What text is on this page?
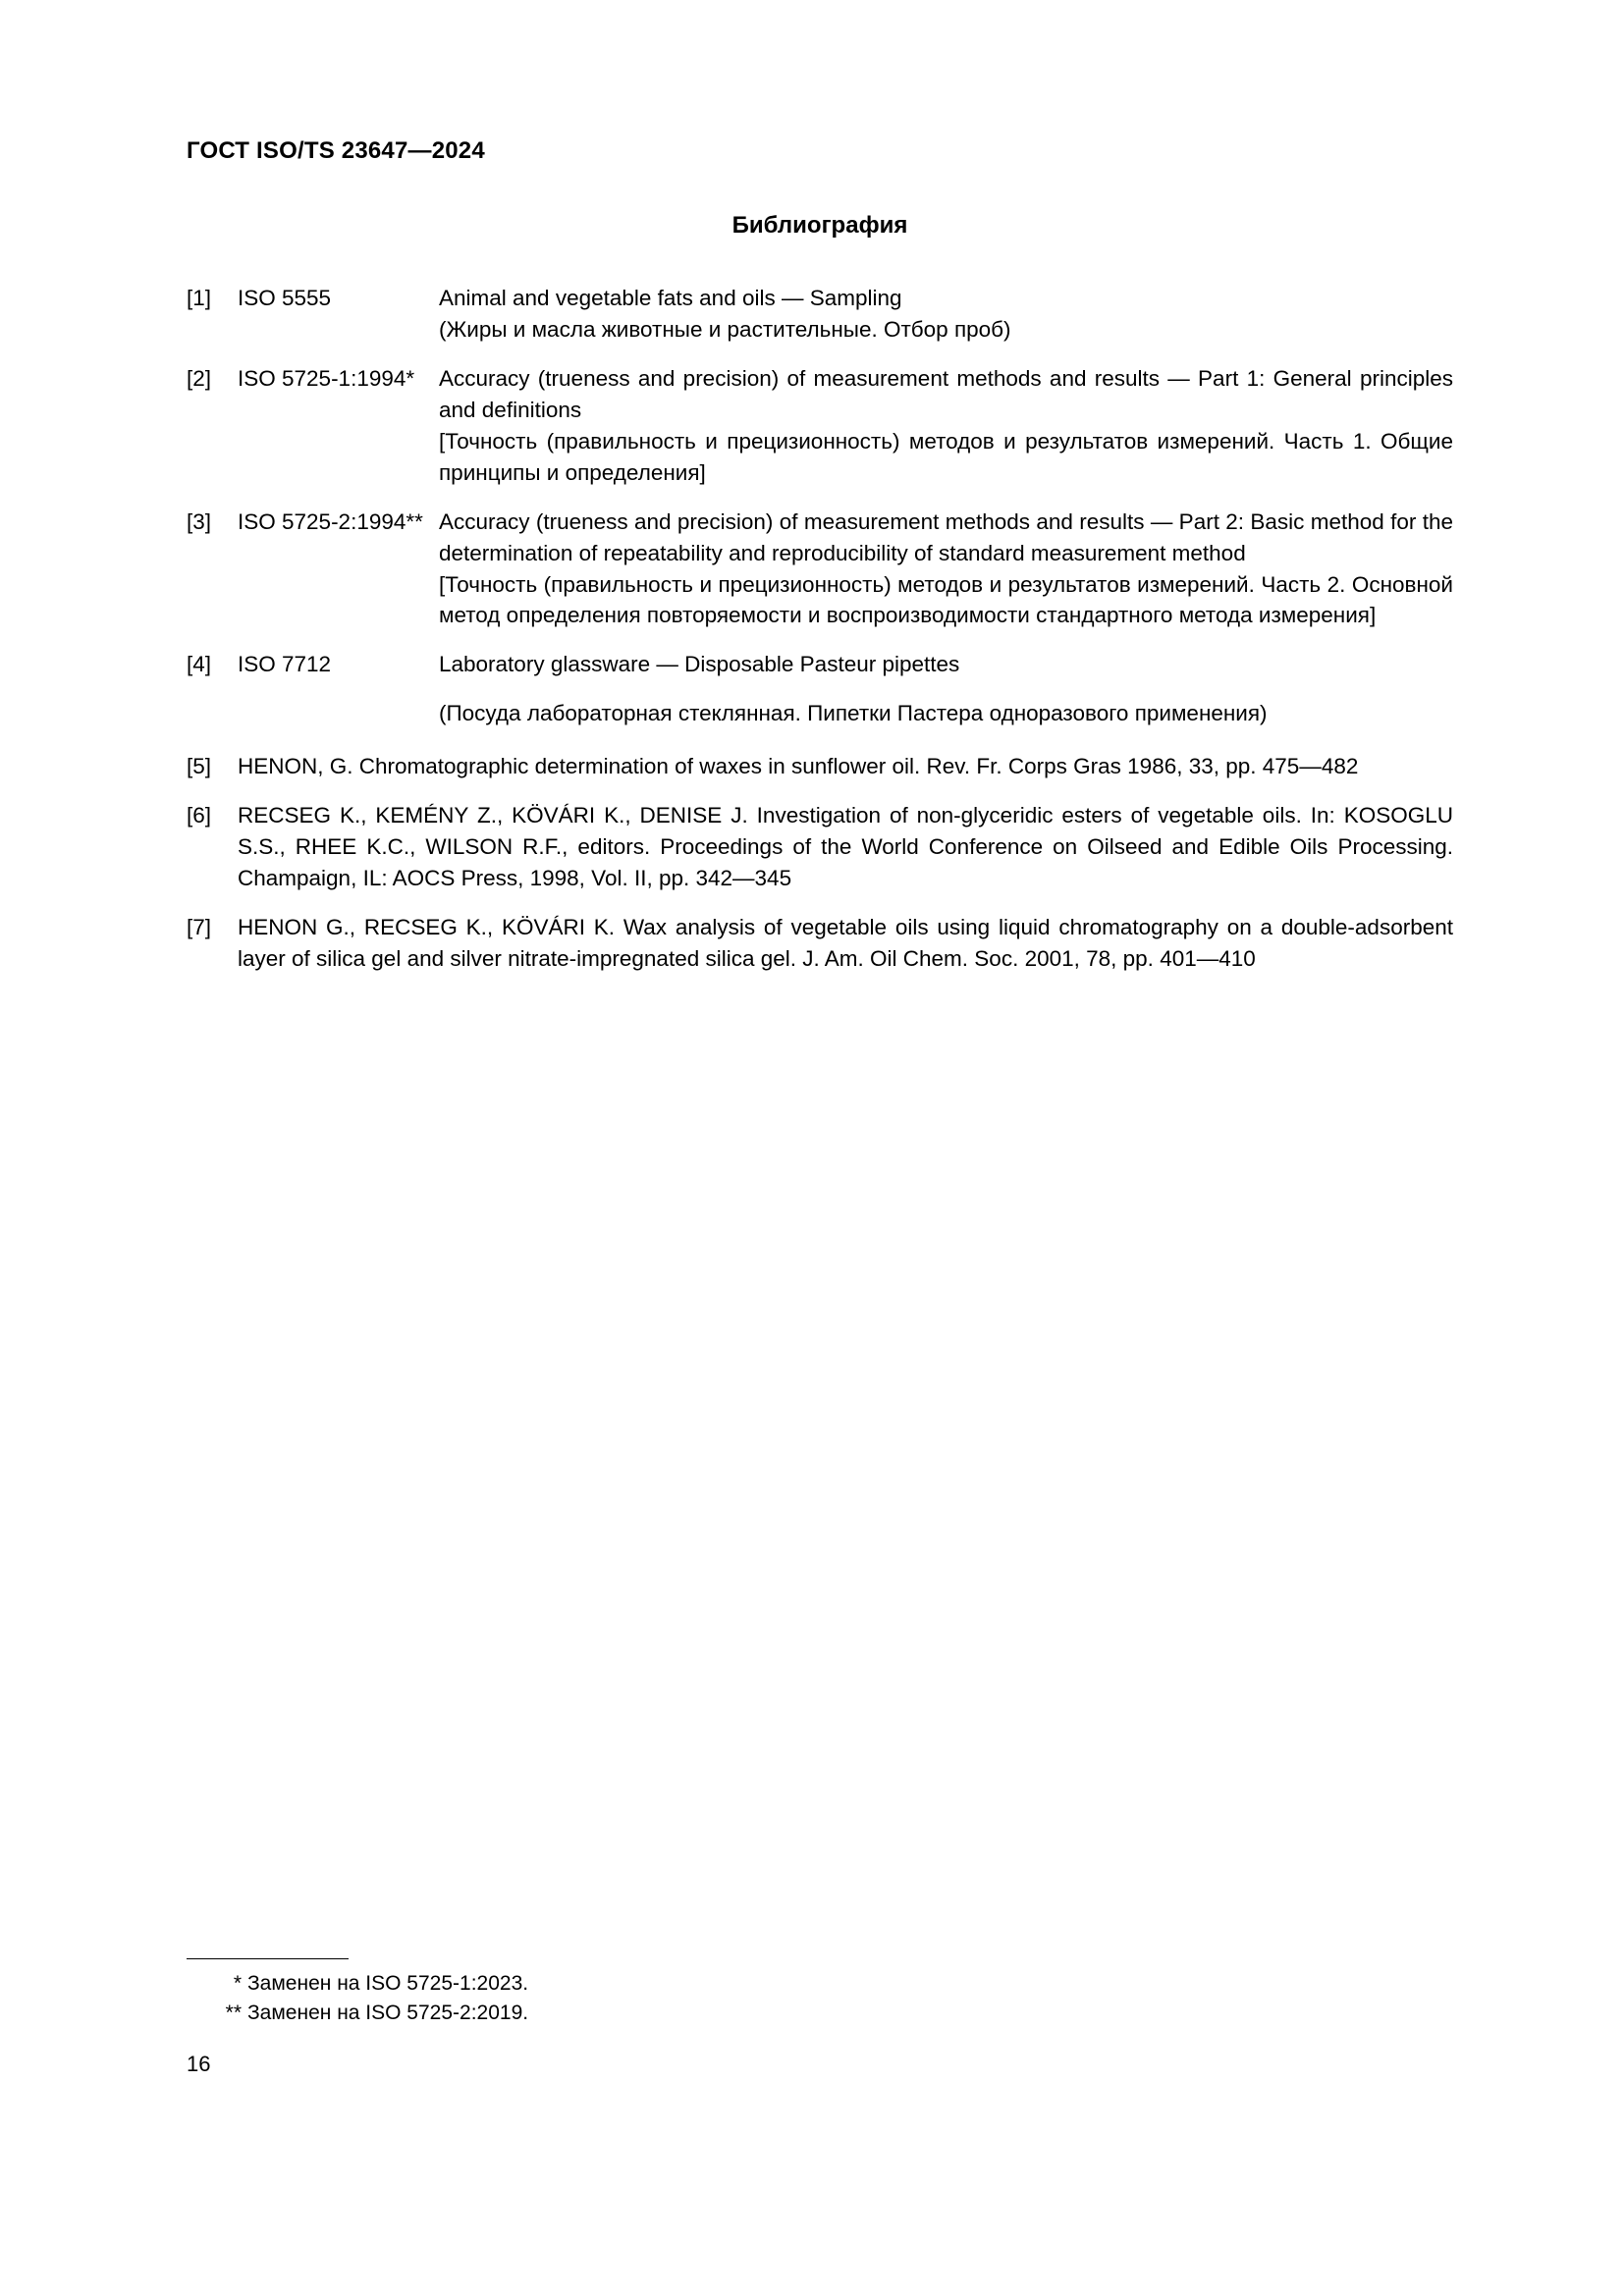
ГОСТ ISO/TS 23647—2024
Библиография
[1]	ISO 5555	Animal and vegetable fats and oils — Sampling
(Жиры и масла животные и растительные. Отбор проб)
[2]	ISO 5725-1:1994*	Accuracy (trueness and precision) of measurement methods and results — Part 1: General principles and definitions
[Точность (правильность и прецизионность) методов и результатов измерений. Часть 1. Общие принципы и определения]
[3]	ISO 5725-2:1994** Accuracy (trueness and precision) of measurement methods and results — Part 2: Basic method for the determination of repeatability and reproducibility of standard measurement method
[Точность (правильность и прецизионность) методов и результатов измерений. Часть 2. Основной метод определения повторяемости и воспроизводимости стандартного метода измерения]
[4]	ISO 7712	Laboratory glassware — Disposable Pasteur pipettes
(Посуда лабораторная стеклянная. Пипетки Пастера одноразового применения)
[5]	HENON, G. Chromatographic determination of waxes in sunflower oil. Rev. Fr. Corps Gras 1986, 33, pp. 475—482
[6]	RECSEG K., KEMÉNY Z., KÖVÁRI K., DENISE J. Investigation of non-glyceridic esters of vegetable oils. In: KOSOGLU S.S., RHEE K.C., WILSON R.F., editors. Proceedings of the World Conference on Oilseed and Edible Oils Processing. Champaign, IL: AOCS Press, 1998, Vol. II, pp. 342—345
[7]	HENON G., RECSEG K., KÖVÁRI K. Wax analysis of vegetable oils using liquid chromatography on a double-adsorbent layer of silica gel and silver nitrate-impregnated silica gel. J. Am. Oil Chem. Soc. 2001, 78, pp. 401—410
* Заменен на ISO 5725-1:2023.
** Заменен на ISO 5725-2:2019.
16
